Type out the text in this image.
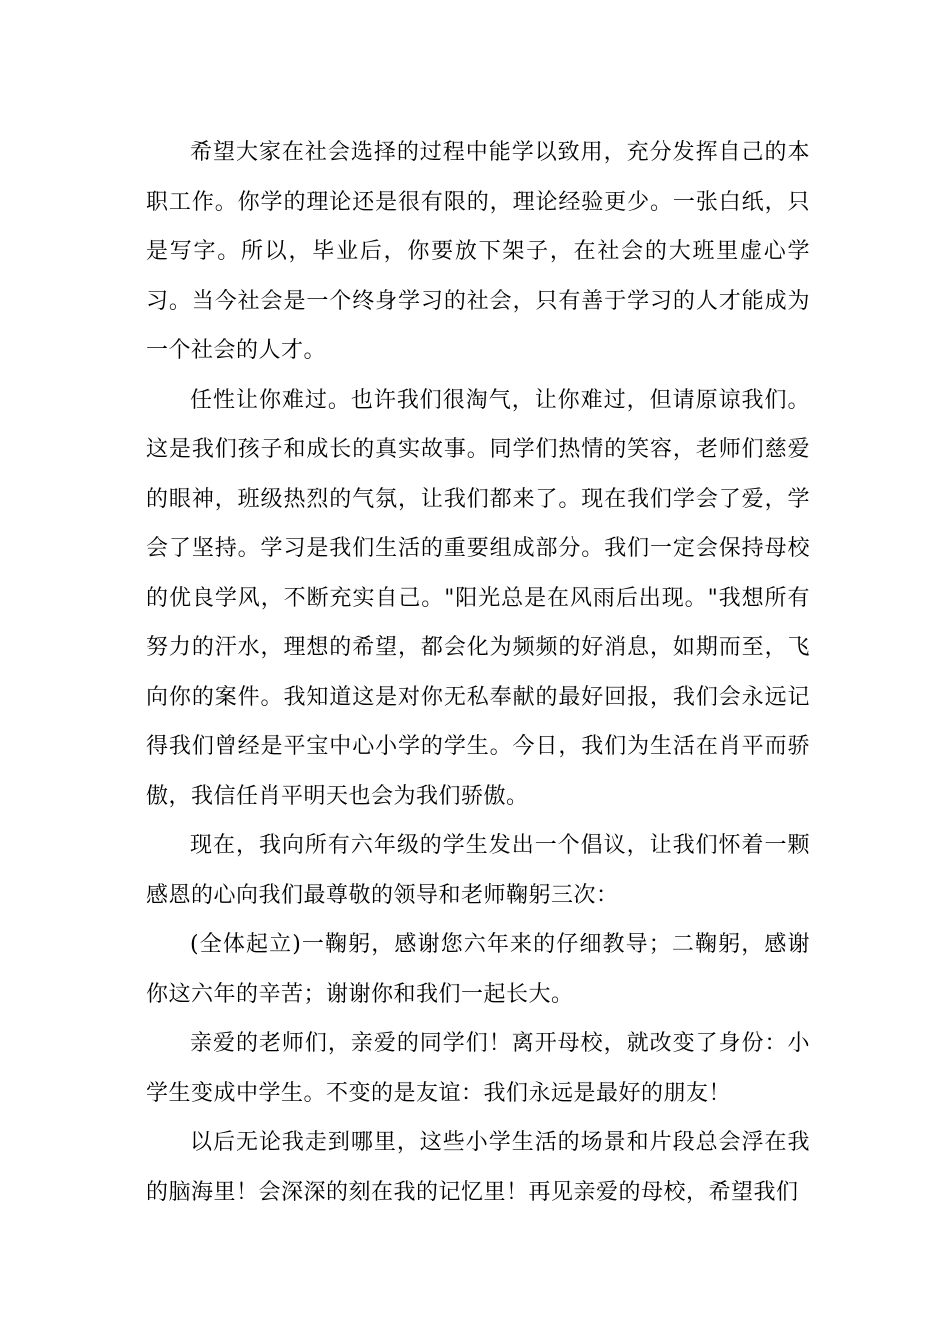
希望大家在社会选择的过程中能学以致用，充分发挥自己的本职工作。你学的理论还是很有限的，理论经验更少。一张白纸，只是写字。所以，毕业后，你要放下架子，在社会的大班里虚心学习。当今社会是一个终身学习的社会，只有善于学习的人才能成为一个社会的人才。

任性让你难过。也许我们很淘气，让你难过，但请原谅我们。这是我们孩子和成长的真实故事。同学们热情的笑容，老师们慈爱的眼神，班级热烈的气氛，让我们都来了。现在我们学会了爱，学会了坚持。学习是我们生活的重要组成部分。我们一定会保持母校的优良学风，不断充实自己。"阳光总是在风雨后出现。"我想所有努力的汗水，理想的希望，都会化为频频的好消息，如期而至，飞向你的案件。我知道这是对你无私奉献的最好回报，我们会永远记得我们曾经是平宝中心小学的学生。今日，我们为生活在肖平而骄傲，我信任肖平明天也会为我们骄傲。

现在，我向所有六年级的学生发出一个倡议，让我们怀着一颗感恩的心向我们最尊敬的领导和老师鞠躬三次：

(全体起立)一鞠躬，感谢您六年来的仔细教导；二鞠躬，感谢你这六年的辛苦；谢谢你和我们一起长大。

亲爱的老师们，亲爱的同学们！离开母校，就改变了身份：小学生变成中学生。不变的是友谊：我们永远是最好的朋友！

以后无论我走到哪里，这些小学生活的场景和片段总会浮在我的脑海里！会深深的刻在我的记忆里！再见亲爱的母校，希望我们
